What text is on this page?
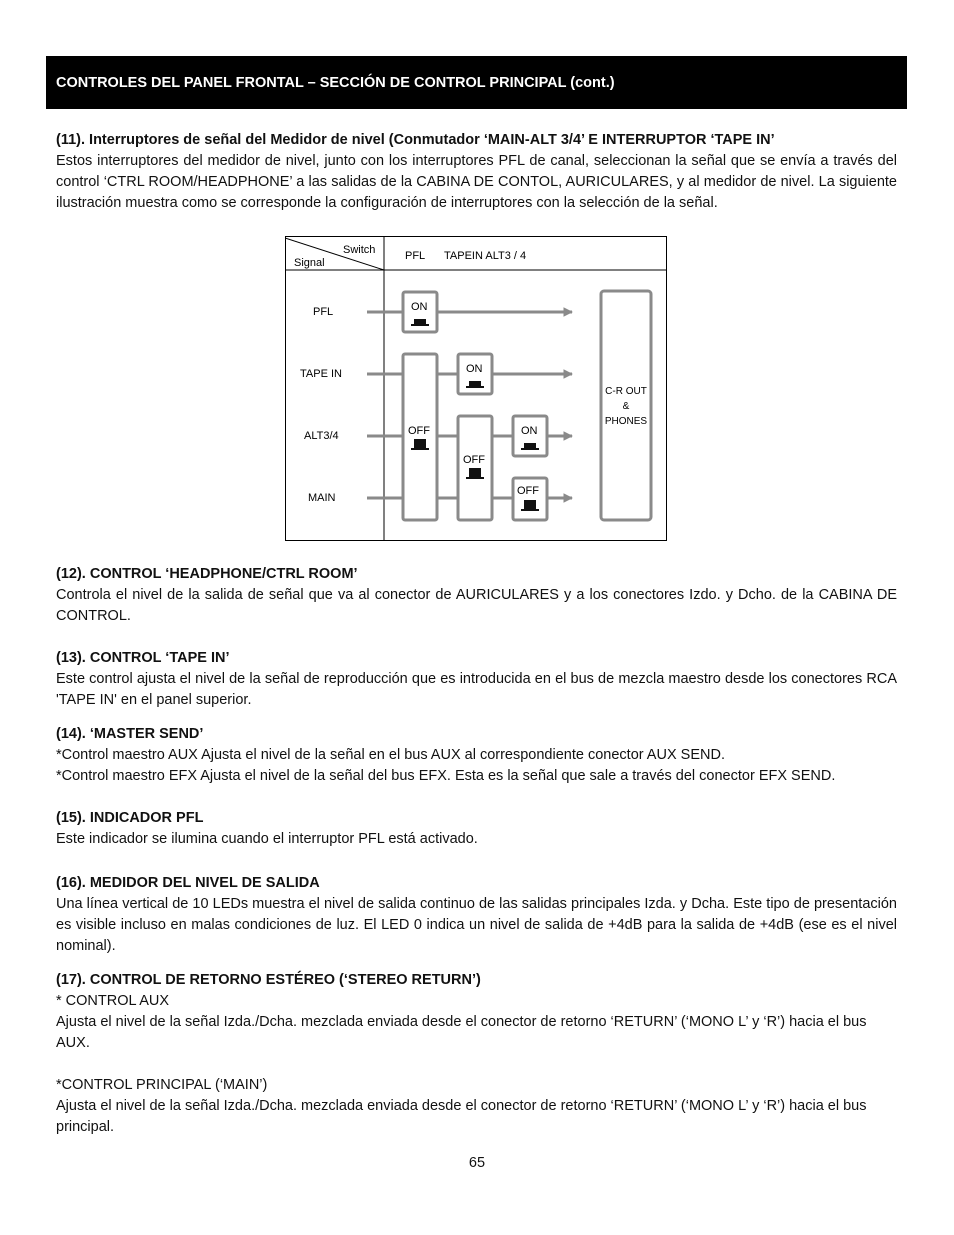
CONTROLES DEL PANEL FRONTAL – SECCIÓN DE CONTROL PRINCIPAL (cont.)
(11). Interruptores de señal del Medidor de nivel (Conmutador ‘MAIN-ALT 3/4’ E INTERRUPTOR ‘TAPE IN’

Estos interruptores del medidor de nivel, junto con los interruptores PFL de canal, seleccionan la señal que se envía a través del control ‘CTRL ROOM/HEADPHONE’ a las salidas de la CABINA DE CONTOL, AURICULARES, y al medidor de nivel. La siguiente ilustración muestra como se corresponde la configuración de interruptores con la selección de la señal.

Switch
Signal
PFL TAPEIN ALT3 / 4
PFL
TAPE IN
ALT3/4
MAIN
ON
ON
ON
OFF
OFF
OFF
C-R OUT
&
PHONES
(12). CONTROL ‘HEADPHONE/CTRL ROOM’

Controla el nivel de la salida de señal que va al conector de AURICULARES y a los conectores Izdo. y Dcho. de la CABINA DE CONTROL.

(13). CONTROL ‘TAPE IN’

Este control ajusta el nivel de la señal de reproducción que es introducida en el bus de mezcla maestro desde los conectores RCA 'TAPE IN' en el panel superior.

(14). ‘MASTER SEND’

*Control maestro AUX Ajusta el nivel de la señal en el bus AUX al correspondiente conector AUX SEND.

*Control maestro EFX Ajusta el nivel de la señal del bus EFX. Esta es la señal que sale a través del conector EFX SEND.

(15). INDICADOR PFL

Este indicador se ilumina cuando el interruptor PFL está activado.

(16). MEDIDOR DEL NIVEL DE SALIDA

Una línea vertical de 10 LEDs muestra el nivel de salida continuo de las salidas principales Izda. y Dcha. Este tipo de presentación es visible incluso en malas condiciones de luz. El LED 0 indica un nivel de salida de +4dB para la salida de +4dB (ese es el nivel nominal).

(17). CONTROL DE RETORNO ESTÉREO (‘STEREO RETURN’)

* CONTROL AUX

Ajusta el nivel de la señal Izda./Dcha. mezclada enviada desde el conector de retorno ‘RETURN’ (‘MONO L’ y ‘R’) hacia el bus AUX.

*CONTROL PRINCIPAL (‘MAIN’)

Ajusta el nivel de la señal Izda./Dcha. mezclada enviada desde el conector de retorno ‘RETURN’ (‘MONO L’ y ‘R’) hacia el bus principal.

65
